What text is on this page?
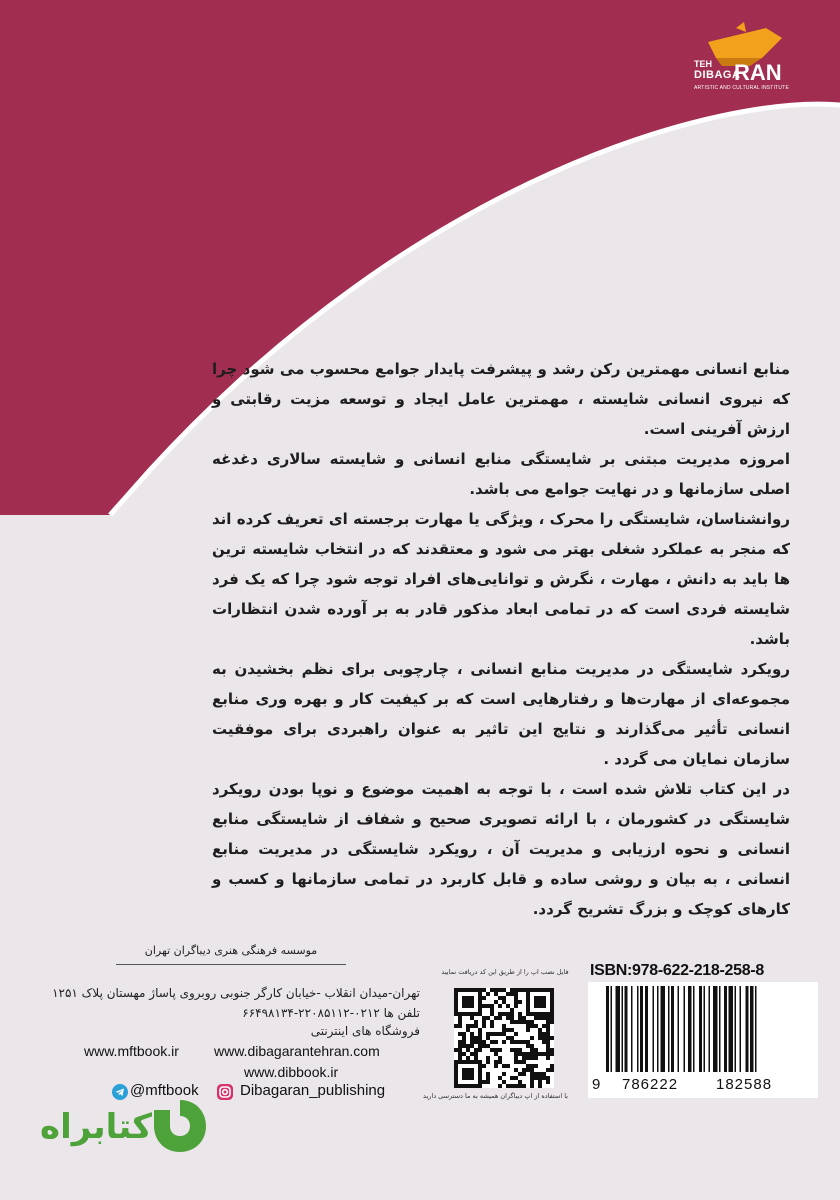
TEH
DIBAGA
RAN
ARTISTIC AND CULTURAL INSTITUTE

منابع انسانی مهمترین رکن رشد و پیشرفت پایدار جوامع محسوب می شود چرا که نیروی انسانی شایسته ، مهمترین عامل ایجاد و توسعه مزیت رقابتی و ارزش آفرینی است.

امروزه مدیریت مبتنی بر شایستگی منابع انسانی و شایسته سالاری دغدغه اصلی سازمانها و در نهایت جوامع می باشد.

روانشناسان، شایستگی را محرک ، ویژگی یا مهارت برجسته ای تعریف کرده اند که منجر به عملکرد شغلی بهتر می شود و معتقدند که در انتخاب شایسته ترین ها باید به دانش ، مهارت ، نگرش و توانایی‌های افراد توجه شود چرا که یک فرد شایسته فردی است که در تمامی ابعاد مذکور قادر به بر آورده شدن انتظارات باشد.

رویکرد شایستگی در مدیریت منابع انسانی ، چارچوبی برای نظم بخشیدن به مجموعه‌ای از مهارت‌ها و رفتارهایی است که بر کیفیت کار و بهره وری منابع انسانی تأثیر می‌گذارند و نتایج این تاثیر به عنوان راهبردی برای موفقیت سازمان نمایان می گردد .

در این کتاب تلاش شده است ، با توجه به اهمیت موضوع و نوپا بودن رویکرد شایستگی در کشورمان ، با ارائه تصویری صحیح و شفاف از شایستگی منابع انسانی و نحوه ارزیابی و مدیریت آن ، رویکرد شایستگی در مدیریت منابع انسانی ، به بیان و روشی ساده و قابل کاربرد در تمامی سازمانها و کسب و کارهای کوچک و بزرگ تشریح گردد.

موسسه فرهنگی هنری دیباگران تهران
تهران-میدان انقلاب -خیابان کارگر جنوبی روبروی پاساژ مهستان پلاک ۱۲۵۱
تلفن ها ۰۲۱۲-۲۲۰۸۵۱۱۲-۶۶۴۹۸۱۳۴
فروشگاه های اینترنتی
www.mftbook.ir	www.dibagarantehran.com
www.dibbook.ir
@mftbook	Dibagaran_publishing
فایل نصب اپ را از طریق این کد دریافت نمایید
با استفاده از اپ دیباگران همیشه به ما دسترسی دارید
ISBN:978-622-218-258-8
9 786222	182588
کتابراه
